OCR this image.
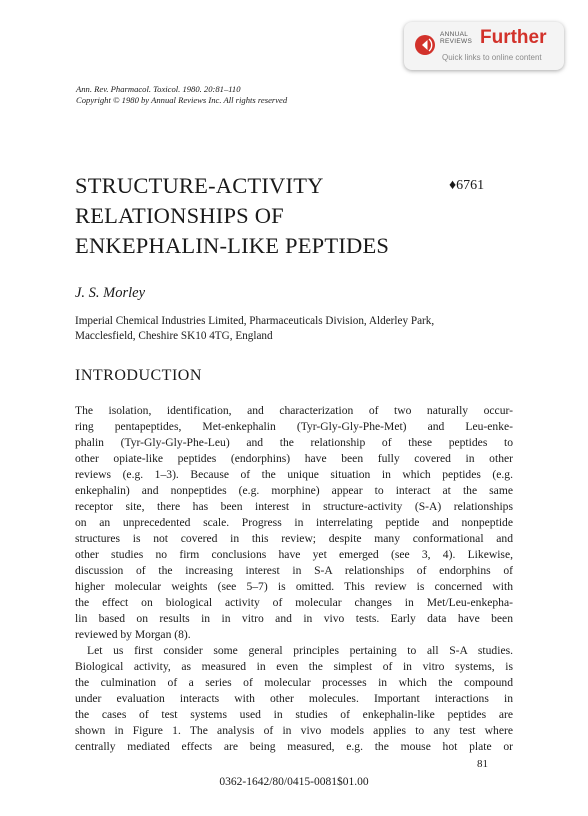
ANNUAL
REVIEWS Further
Quick links to online content
Ann. Rev. Pharmacol. Toxicol. 1980. 20:81–110
Copyright © 1980 by Annual Reviews Inc. All rights reserved
STRUCTURE-ACTIVITY
RELATIONSHIPS OF
ENKEPHALIN-LIKE PEPTIDES
♦6761
J. S. Morley
Imperial Chemical Industries Limited, Pharmaceuticals Division, Alderley Park,
Macclesfield, Cheshire SK10 4TG, England
INTRODUCTION
The isolation, identification, and characterization of two naturally occur-
ring pentapeptides, Met-enkephalin (Tyr-Gly-Gly-Phe-Met) and Leu-enke-
phalin (Tyr-Gly-Gly-Phe-Leu) and the relationship of these peptides to
other opiate-like peptides (endorphins) have been fully covered in other
reviews (e.g. 1–3). Because of the unique situation in which peptides (e.g.
enkephalin) and nonpeptides (e.g. morphine) appear to interact at the same
receptor site, there has been interest in structure-activity (S-A) relationships
on an unprecedented scale. Progress in interrelating peptide and nonpeptide
structures is not covered in this review; despite many conformational and
other studies no firm conclusions have yet emerged (see 3, 4). Likewise,
discussion of the increasing interest in S-A relationships of endorphins of
higher molecular weights (see 5–7) is omitted. This review is concerned with
the effect on biological activity of molecular changes in Met/Leu-enkepha-
lin based on results in in vitro and in vivo tests. Early data have been
reviewed by Morgan (8).
Let us first consider some general principles pertaining to all S-A studies.
Biological activity, as measured in even the simplest of in vitro systems, is
the culmination of a series of molecular processes in which the compound
under evaluation interacts with other molecules. Important interactions in
the cases of test systems used in studies of enkephalin-like peptides are
shown in Figure 1. The analysis of in vivo models applies to any test where
centrally mediated effects are being measured, e.g. the mouse hot plate or
81
0362-1642/80/0415-0081$01.00
